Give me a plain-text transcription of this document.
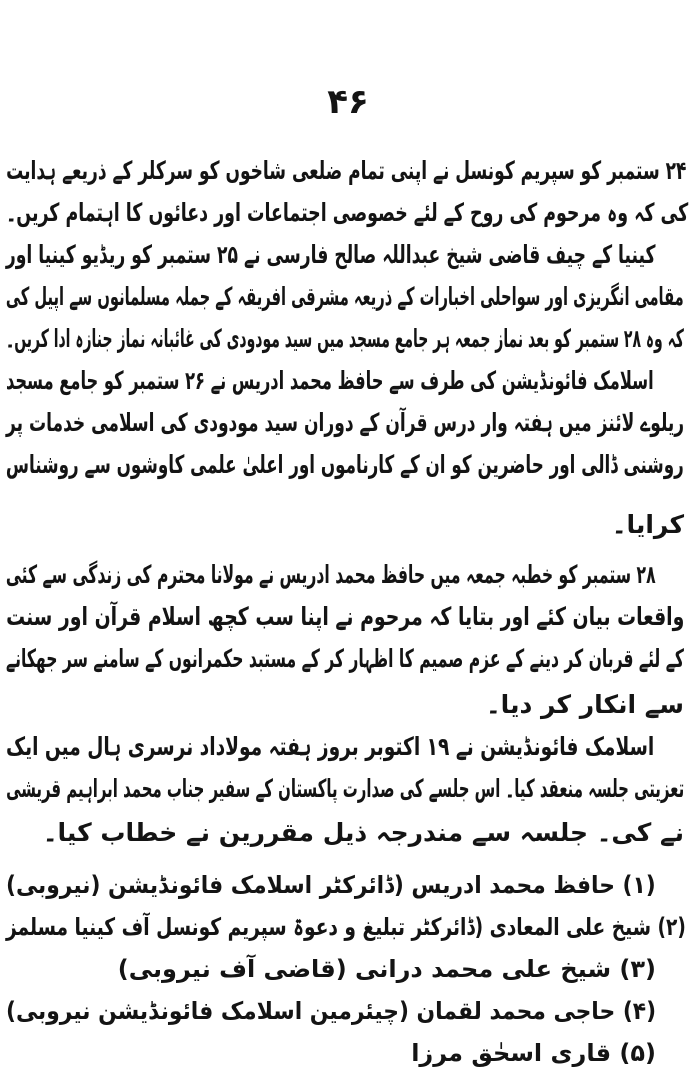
۴۶
۲۴ ستمبر کو سپریم کونسل نے اپنی تمام ضلعی شاخوں کو سرکلر کے ذریعے ہدایت
کی کہ وہ مرحوم کی روح کے لئے خصوصی اجتماعات اور دعائوں کا اہتمام کریں۔
کینیا کے چیف قاضی شیخ عبداللہ صالح فارسی نے ۲۵ ستمبر کو ریڈیو کینیا اور
مقامی انگریزی اور سواحلی اخبارات کے ذریعہ مشرقی افریقہ کے جملہ مسلمانوں سے اپیل کی
کہ وہ ۲۸ ستمبر کو بعد نماز جمعہ ہر جامع مسجد میں سید مودودی کی غائبانہ نماز جنازہ ادا کریں۔
اسلامک فائونڈیشن کی طرف سے حافظ محمد ادریس نے ۲۶ ستمبر کو جامع مسجد
ریلوے لائنز میں ہفتہ وار درس قرآن کے دوران سید مودودی کی اسلامی خدمات پر
روشنی ڈالی اور حاضرین کو ان کے کارناموں اور اعلیٰ علمی کاوشوں سے روشناس
کرایا۔
۲۸ ستمبر کو خطبہ جمعہ میں حافظ محمد ادریس نے مولانا محترم کی زندگی سے کئی
واقعات بیان کئے اور بتایا کہ مرحوم نے اپنا سب کچھ اسلام قرآن اور سنت
کے لئے قربان کر دینے کے عزم صمیم کا اظہار کر کے مستبد حکمرانوں کے سامنے سر جھکانے
سے انکار کر دیا۔
اسلامک فائونڈیشن نے ۱۹ اکتوبر بروز ہفتہ مولاداد نرسری ہال میں ایک
تعزیتی جلسہ منعقد کیا۔ اس جلسے کی صدارت پاکستان کے سفیر جناب محمد ابراہیم قریشی
نے کی۔ جلسہ سے مندرجہ ذیل مقررین نے خطاب کیا۔
(۱) حافظ محمد ادریس (ڈائرکٹر اسلامک فائونڈیشن (نیروبی)
(۲) شیخ علی المعادی (ڈائرکٹر تبلیغ و دعوۃ سپریم کونسل آف کینیا مسلمز
(۳) شیخ علی محمد درانی (قاضی آف نیروبی)
(۴) حاجی محمد لقمان (چیئرمین اسلامک فائونڈیشن نیروبی)
(۵) قاری اسحٰق مرزا
